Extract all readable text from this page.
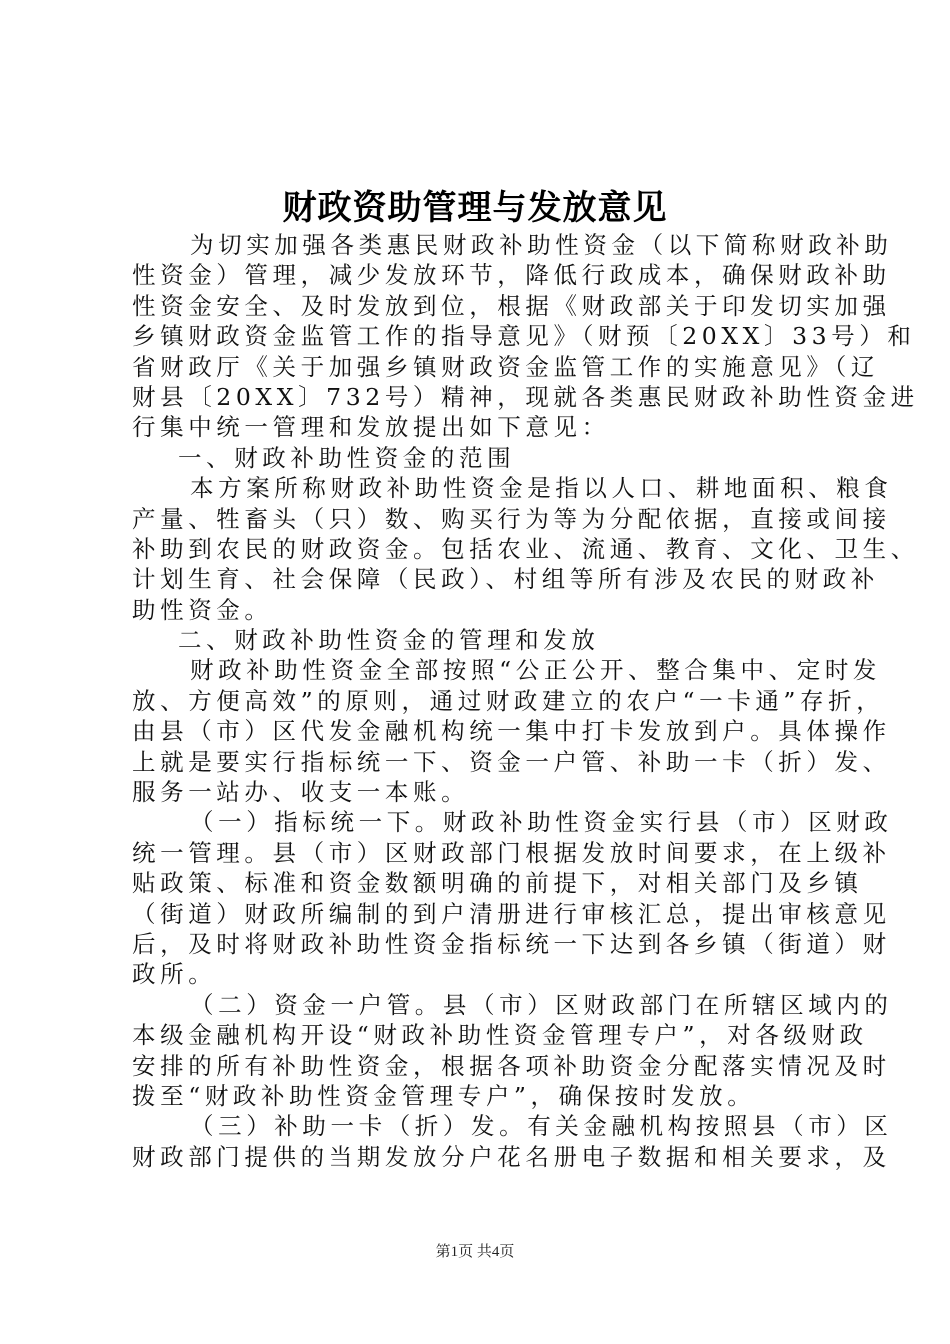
财政资助管理与发放意见
为切实加强各类惠民财政补助性资金（以下简称财政补助
性资金）管理，减少发放环节，降低行政成本，确保财政补助
性资金安全、及时发放到位，根据《财政部关于印发切实加强
乡镇财政资金监管工作的指导意见》（财预〔20XX〕33号）和
省财政厅《关于加强乡镇财政资金监管工作的实施意见》（辽
财县〔20XX〕732号）精神，现就各类惠民财政补助性资金进
行集中统一管理和发放提出如下意见：
一、财政补助性资金的范围
本方案所称财政补助性资金是指以人口、耕地面积、粮食
产量、牲畜头（只）数、购买行为等为分配依据，直接或间接
补助到农民的财政资金。包括农业、流通、教育、文化、卫生、
计划生育、社会保障（民政）、村组等所有涉及农民的财政补
助性资金。
二、财政补助性资金的管理和发放
财政补助性资金全部按照“公正公开、整合集中、定时发
放、方便高效”的原则，通过财政建立的农户“一卡通”存折，
由县（市）区代发金融机构统一集中打卡发放到户。具体操作
上就是要实行指标统一下、资金一户管、补助一卡（折）发、
服务一站办、收支一本账。
（一）指标统一下。财政补助性资金实行县（市）区财政
统一管理。县（市）区财政部门根据发放时间要求，在上级补
贴政策、标准和资金数额明确的前提下，对相关部门及乡镇
（街道）财政所编制的到户清册进行审核汇总，提出审核意见
后，及时将财政补助性资金指标统一下达到各乡镇（街道）财
政所。
（二）资金一户管。县（市）区财政部门在所辖区域内的
本级金融机构开设“财政补助性资金管理专户”，对各级财政
安排的所有补助性资金，根据各项补助资金分配落实情况及时
拨至“财政补助性资金管理专户”，确保按时发放。
（三）补助一卡（折）发。有关金融机构按照县（市）区
财政部门提供的当期发放分户花名册电子数据和相关要求，及
第1页 共4页
